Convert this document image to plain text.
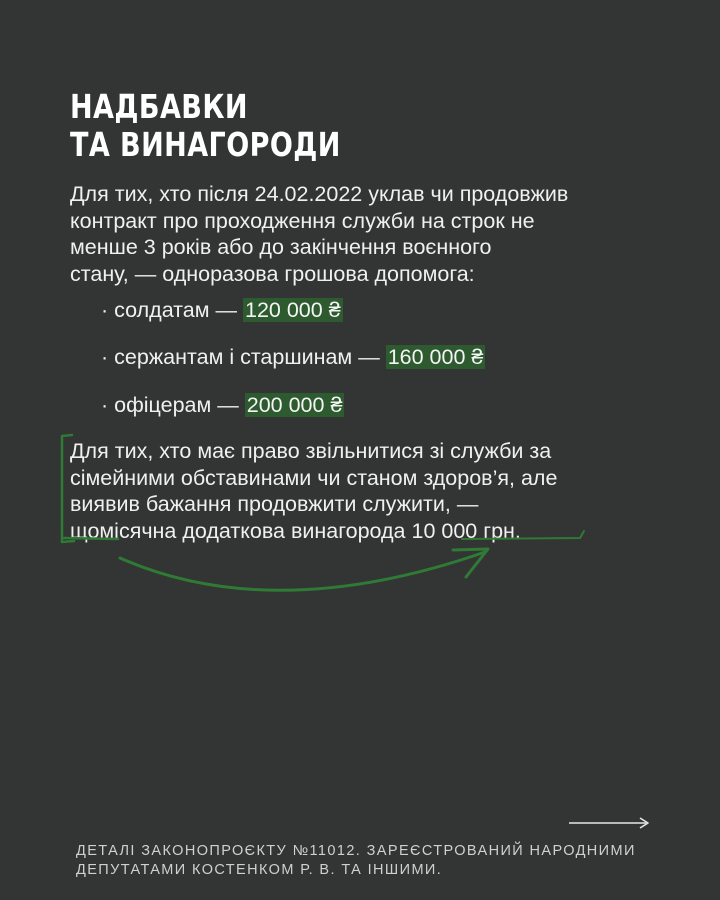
НАДБАВКИ
ТА ВИНАГОРОДИ
Для тих, хто після 24.02.2022 уклав чи продовжив
контракт про проходження служби на строк не
менше 3 років або до закінчення воєнного
стану, — одноразова грошова допомога:
· солдатам — 120 000 ₴
· сержантам і старшинам — 160 000 ₴
· офіцерам — 200 000 ₴
Для тих, хто має право звільнитися зі служби за
сімейними обставинами чи станом здоров’я, але
виявив бажання продовжити служити, —
щомісячна додаткова винагорода 10 000 грн.
ДЕТАЛІ ЗАКОНОПРОЄКТУ №11012. ЗАРЕЄСТРОВАНИЙ НАРОДНИМИ
ДЕПУТАТАМИ КОСТЕНКОМ Р. В. ТА ІНШИМИ.
